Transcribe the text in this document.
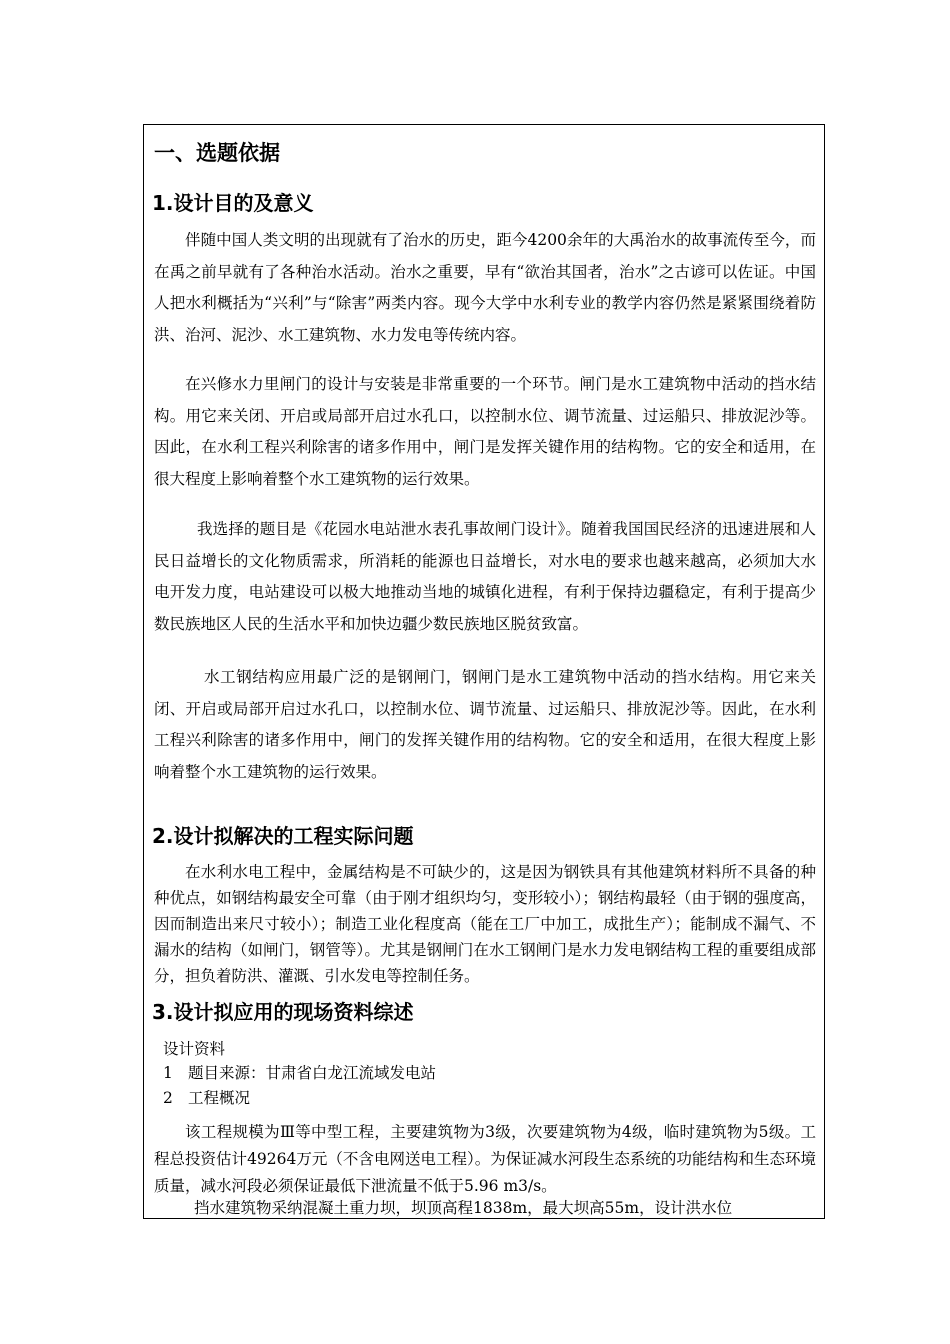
一、选题依据
1.设计目的及意义

伴随中国人类文明的出现就有了治水的历史，距今4200余年的大禹治水的故事流传至今，而在禹之前早就有了各种治水活动。治水之重要，早有“欲治其国者，治水”之古谚可以佐证。中国人把水利概括为“兴利”与“除害”两类内容。现今大学中水利专业的教学内容仍然是紧紧围绕着防洪、治河、泥沙、水工建筑物、水力发电等传统内容。

在兴修水力里闸门的设计与安装是非常重要的一个环节。闸门是水工建筑物中活动的挡水结构。用它来关闭、开启或局部开启过水孔口，以控制水位、调节流量、过运船只、排放泥沙等。因此，在水利工程兴利除害的诸多作用中，闸门是发挥关键作用的结构物。它的安全和适用，在很大程度上影响着整个水工建筑物的运行效果。

我选择的题目是《花园水电站泄水表孔事故闸门设计》。随着我国国民经济的迅速进展和人民日益增长的文化物质需求，所消耗的能源也日益增长，对水电的要求也越来越高，必须加大水电开发力度，电站建设可以极大地推动当地的城镇化进程，有利于保持边疆稳定，有利于提高少数民族地区人民的生活水平和加快边疆少数民族地区脱贫致富。

水工钢结构应用最广泛的是钢闸门，钢闸门是水工建筑物中活动的挡水结构。用它来关闭、开启或局部开启过水孔口，以控制水位、调节流量、过运船只、排放泥沙等。因此，在水利工程兴利除害的诸多作用中，闸门的发挥关键作用的结构物。它的安全和适用，在很大程度上影响着整个水工建筑物的运行效果。

2.设计拟解决的工程实际问题

在水利水电工程中，金属结构是不可缺少的，这是因为钢铁具有其他建筑材料所不具备的种种优点，如钢结构最安全可靠（由于刚才组织均匀，变形较小）；钢结构最轻（由于钢的强度高，因而制造出来尺寸较小）；制造工业化程度高（能在工厂中加工，成批生产）；能制成不漏气、不漏水的结构（如闸门，钢管等）。尤其是钢闸门在水工钢闸门是水力发电钢结构工程的重要组成部分，担负着防洪、灌溉、引水发电等控制任务。

3.设计拟应用的现场资料综述
设计资料
1 题目来源：甘肃省白龙江流域发电站
2 工程概况

该工程规模为Ⅲ等中型工程，主要建筑物为3级，次要建筑物为4级，临时建筑物为5级。工程总投资估计49264万元（不含电网送电工程）。为保证减水河段生态系统的功能结构和生态环境质量，减水河段必须保证最低下泄流量不低于5.96 m3/s。

挡水建筑物采纳混凝土重力坝，坝顶高程1838m，最大坝高55m，设计洪水位
